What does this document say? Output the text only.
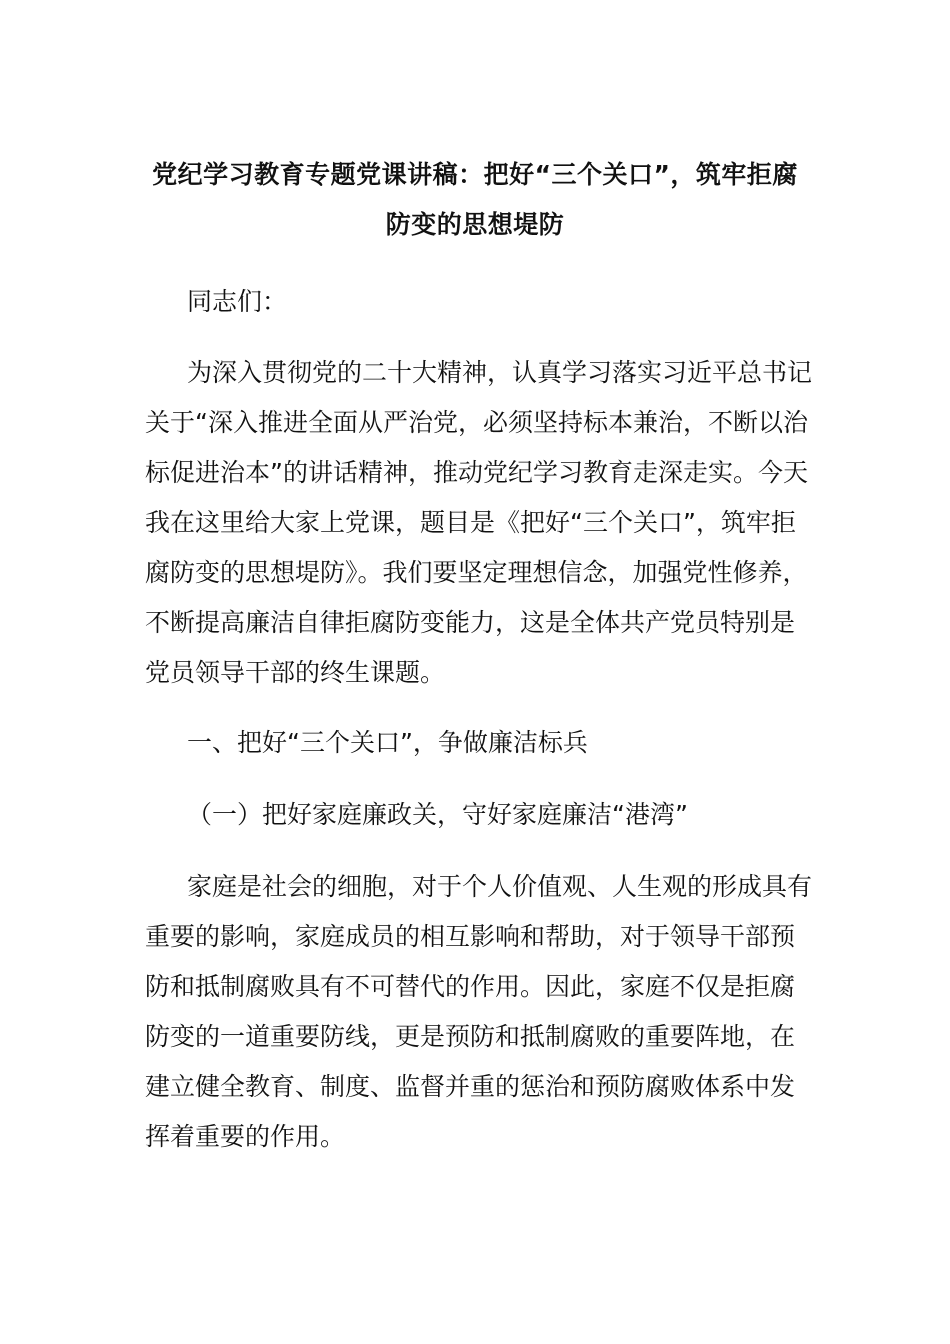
党纪学习教育专题党课讲稿：把好“三个关口”，筑牢拒腐防变的思想堤防

同志们：

为深入贯彻党的二十大精神，认真学习落实习近平总书记关于“深入推进全面从严治党，必须坚持标本兼治，不断以治标促进治本”的讲话精神，推动党纪学习教育走深走实。今天我在这里给大家上党课，题目是《把好“三个关口”，筑牢拒腐防变的思想堤防》。我们要坚定理想信念，加强党性修养，不断提高廉洁自律拒腐防变能力，这是全体共产党员特别是党员领导干部的终生课题。

一、把好“三个关口”，争做廉洁标兵

（一）把好家庭廉政关，守好家庭廉洁“港湾”

家庭是社会的细胞，对于个人价值观、人生观的形成具有重要的影响，家庭成员的相互影响和帮助，对于领导干部预防和抵制腐败具有不可替代的作用。因此，家庭不仅是拒腐防变的一道重要防线，更是预防和抵制腐败的重要阵地，在建立健全教育、制度、监督并重的惩治和预防腐败体系中发挥着重要的作用。
